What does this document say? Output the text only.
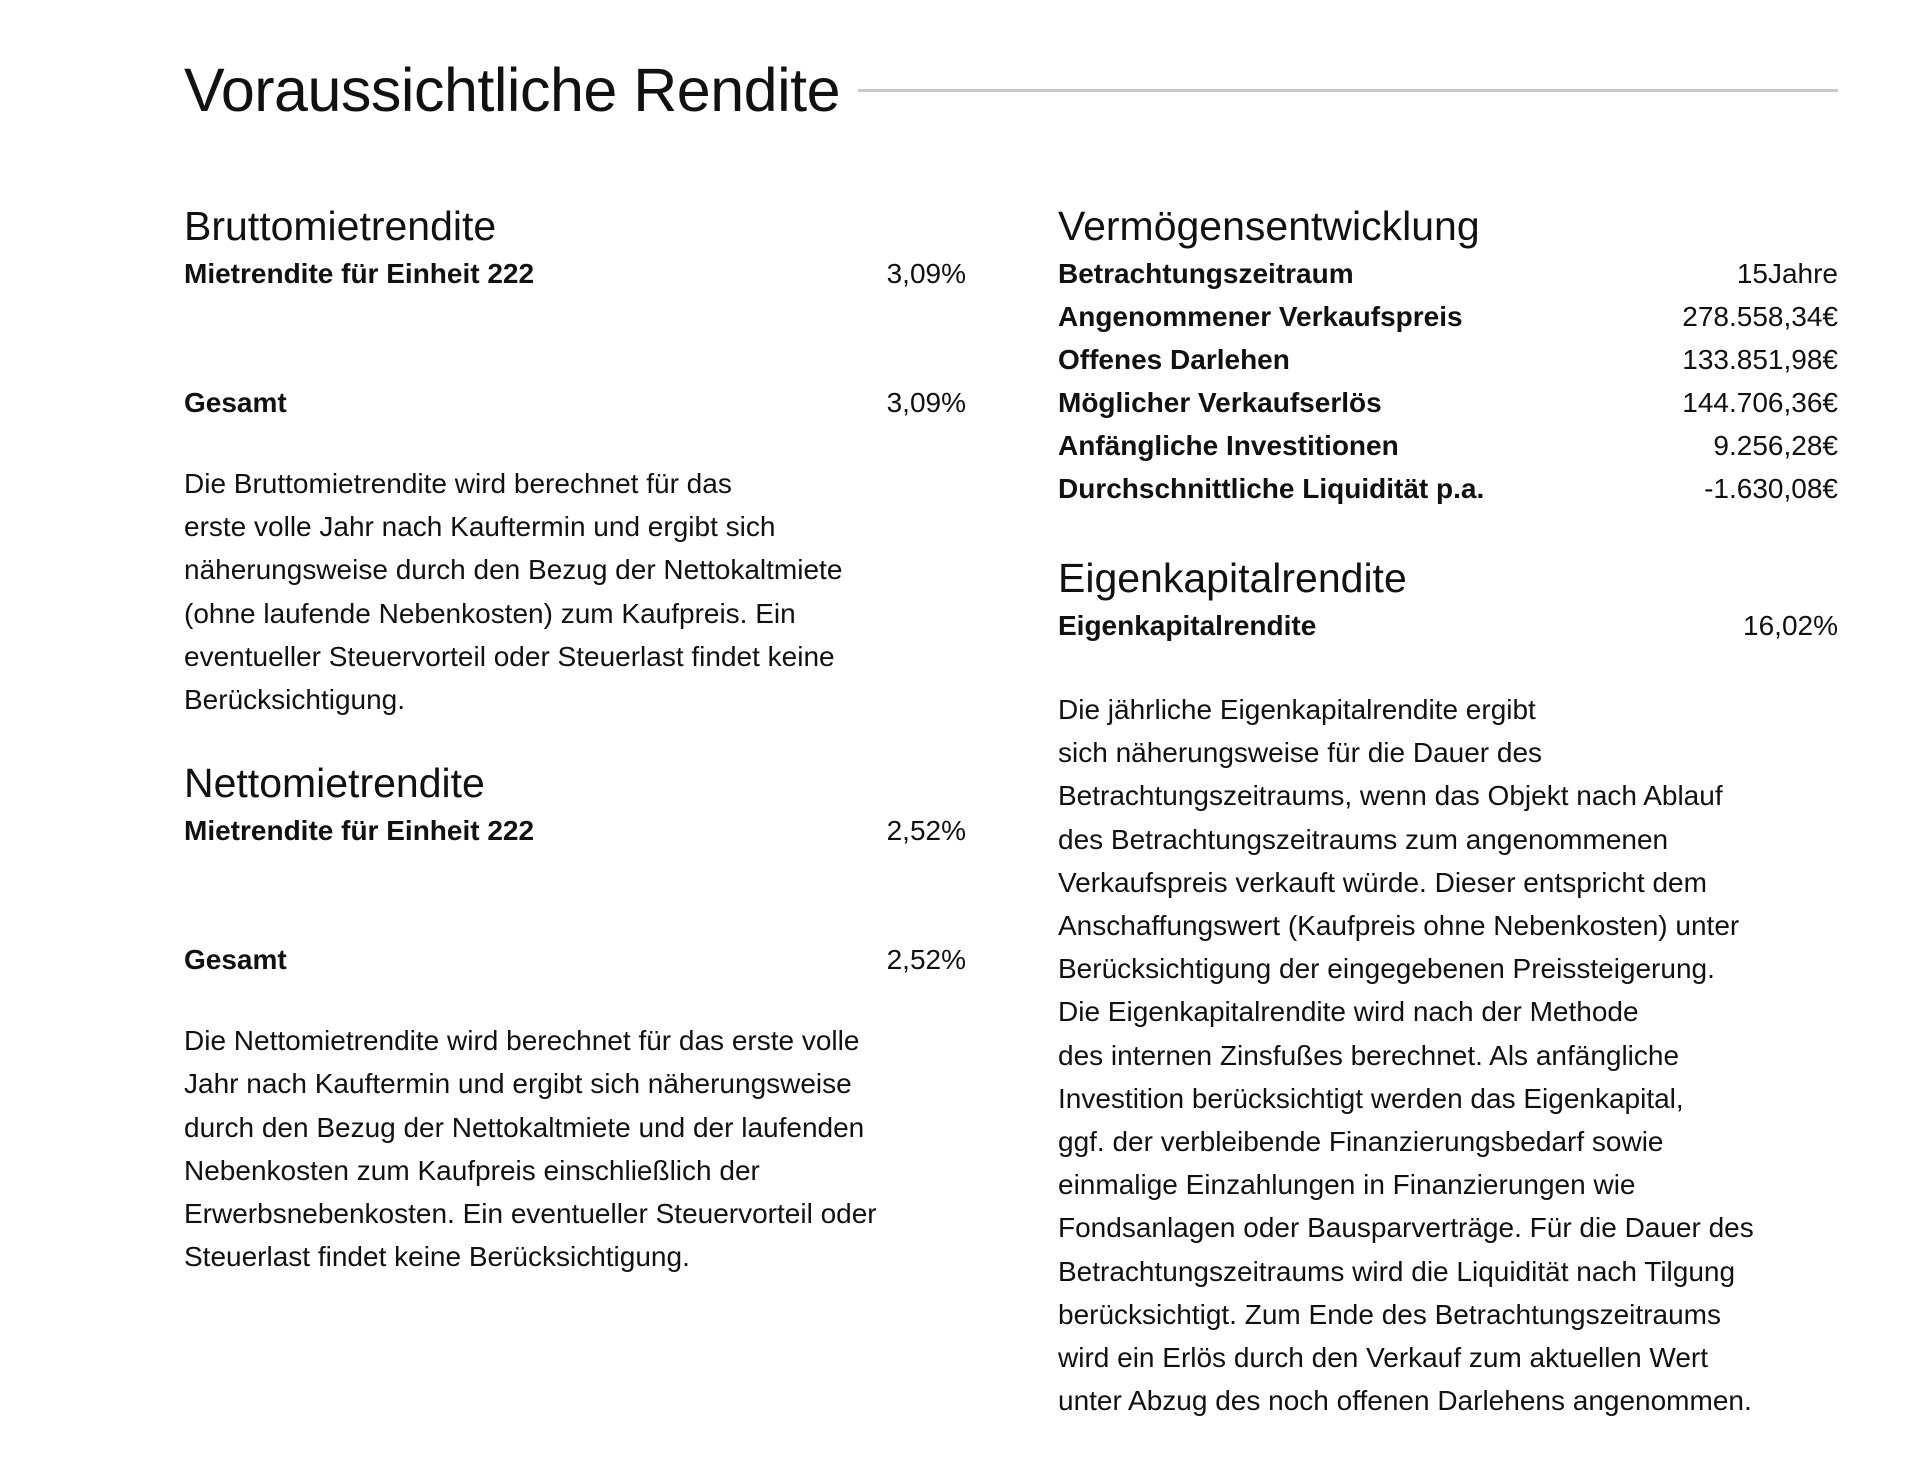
Voraussichtliche Rendite
Bruttomietrendite
Mietrendite für Einheit 222	3,09%
Gesamt	3,09%

Die Bruttomietrendite wird berechnet für das
erste volle Jahr nach Kauftermin und ergibt sich
näherungsweise durch den Bezug der Nettokaltmiete
(ohne laufende Nebenkosten) zum Kaufpreis. Ein
eventueller Steuervorteil oder Steuerlast findet keine
Berücksichtigung.

Nettomietrendite
Mietrendite für Einheit 222	2,52%
Gesamt	2,52%

Die Nettomietrendite wird berechnet für das erste volle
Jahr nach Kauftermin und ergibt sich näherungsweise
durch den Bezug der Nettokaltmiete und der laufenden
Nebenkosten zum Kaufpreis einschließlich der
Erwerbsnebenkosten. Ein eventueller Steuervorteil oder
Steuerlast findet keine Berücksichtigung.

Vermögensentwicklung
Betrachtungszeitraum	15Jahre
Angenommener Verkaufspreis	278.558,34€
Offenes Darlehen	133.851,98€
Möglicher Verkaufserlös	144.706,36€
Anfängliche Investitionen	9.256,28€
Durchschnittliche Liquidität p.a.	-1.630,08€
Eigenkapitalrendite
Eigenkapitalrendite	16,02%

Die jährliche Eigenkapitalrendite ergibt
sich näherungsweise für die Dauer des
Betrachtungszeitraums, wenn das Objekt nach Ablauf
des Betrachtungszeitraums zum angenommenen
Verkaufspreis verkauft würde. Dieser entspricht dem
Anschaffungswert (Kaufpreis ohne Nebenkosten) unter
Berücksichtigung der eingegebenen Preissteigerung.
Die Eigenkapitalrendite wird nach der Methode
des internen Zinsfußes berechnet. Als anfängliche
Investition berücksichtigt werden das Eigenkapital,
ggf. der verbleibende Finanzierungsbedarf sowie
einmalige Einzahlungen in Finanzierungen wie
Fondsanlagen oder Bausparverträge. Für die Dauer des
Betrachtungszeitraums wird die Liquidität nach Tilgung
berücksichtigt. Zum Ende des Betrachtungszeitraums
wird ein Erlös durch den Verkauf zum aktuellen Wert
unter Abzug des noch offenen Darlehens angenommen.
